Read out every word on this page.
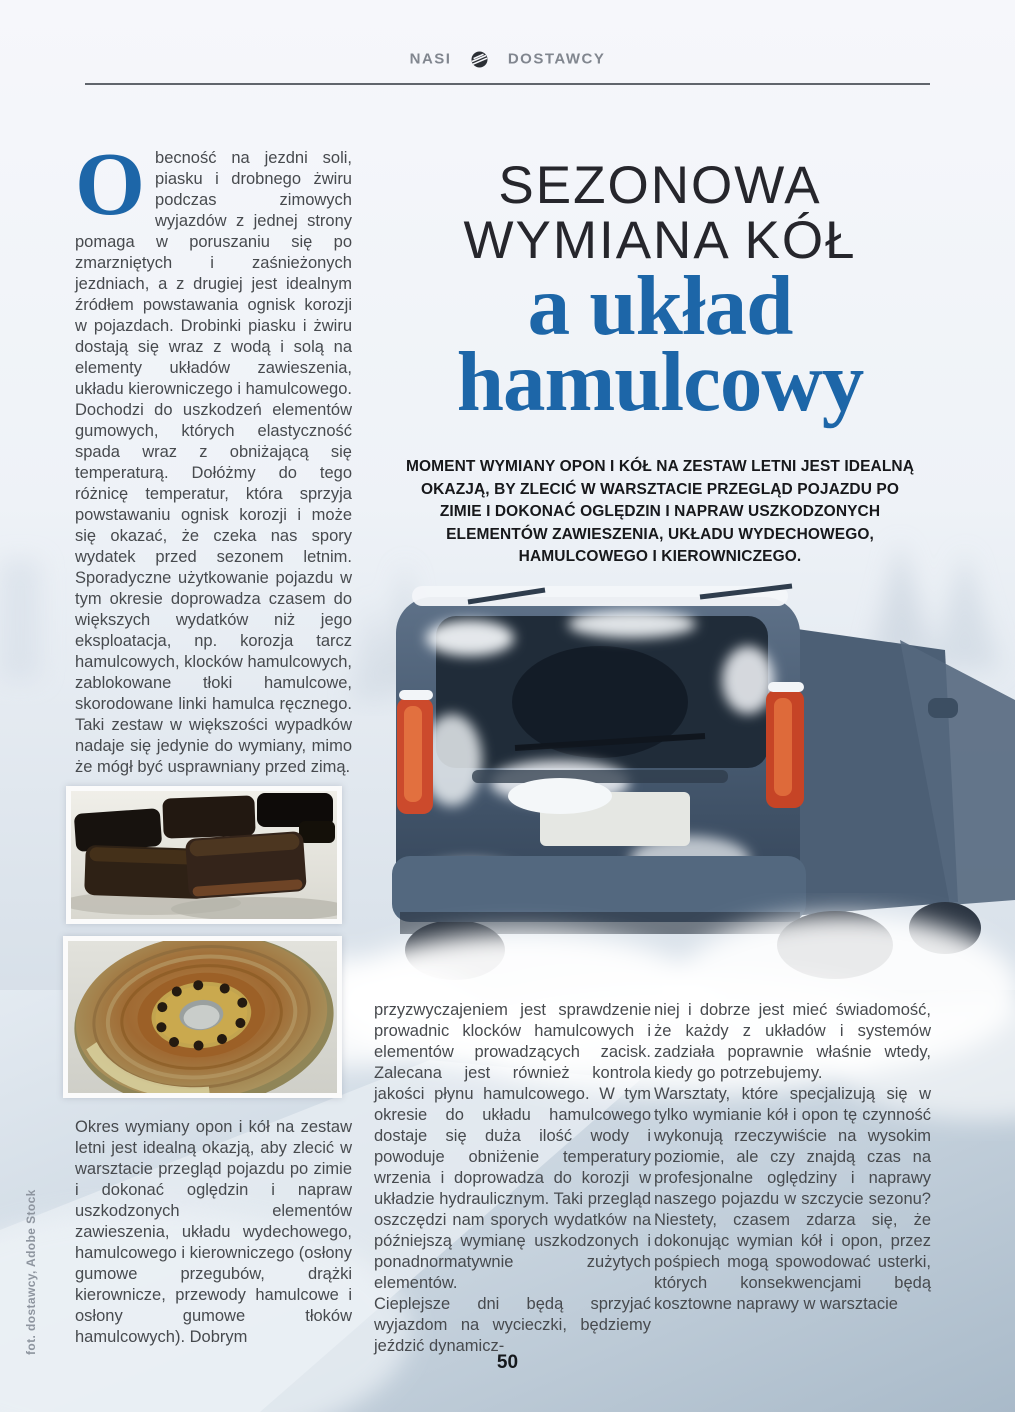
NASI	DOSTAWCY
SEZONOWA
WYMIANA KÓŁ
a układ
hamulcowy
MOMENT WYMIANY OPON I KÓŁ NA ZESTAW LETNI JEST IDEALNĄ OKAZJĄ, BY ZLECIĆ W WARSZTACIE PRZEGLĄD POJAZDU PO ZIMIE I DOKONAĆ OGLĘDZIN I NAPRAW USZKODZONYCH ELEMENTÓW ZAWIESZENIA, UKŁADU WYDECHOWEGO, HAMULCOWEGO I KIEROWNICZEGO.
Obecność na jezdni soli, piasku i drobnego żwiru podczas zimowych wyjazdów z jednej strony pomaga w poruszaniu się po zmarzniętych i zaśnieżonych jezdniach, a z drugiej jest idealnym źródłem powstawania ognisk korozji w pojazdach. Drobinki piasku i żwiru dostają się wraz z wodą i solą na elementy układów zawieszenia, układu kierowniczego i hamulcowego. Dochodzi do uszkodzeń elementów gumowych, których elastyczność spada wraz z obniżającą się temperaturą. Dołóżmy do tego różnicę temperatur, która sprzyja powstawaniu ognisk korozji i może się okazać, że czeka nas spory wydatek przed sezonem letnim. Sporadyczne użytkowanie pojazdu w tym okresie doprowadza czasem do większych wydatków niż jego eksploatacja, np. korozja tarcz hamulcowych, klocków hamulcowych, zablokowane tłoki hamulcowe, skorodowane linki hamulca ręcznego. Taki zestaw w większości wypadków nadaje się jedynie do wymiany, mimo że mógł być usprawniany przed zimą.

Okres wymiany opon i kół na zestaw letni jest idealną okazją, aby zlecić w warsztacie przegląd pojazdu po zimie i dokonać oględzin i napraw uszkodzonych elementów zawieszenia, układu wydechowego, hamulcowego i kierowniczego (osłony gumowe przegubów, drążki kierownicze, przewody hamulcowe i osłony gumowe tłoków hamulcowych). Dobrym

przyzwyczajeniem jest sprawdzenie prowadnic klocków hamulcowych i elementów prowadzących zacisk. Zalecana jest również kontrola jakości płynu hamulcowego. W tym okresie do układu hamulcowego dostaje się duża ilość wody i powoduje obniżenie temperatury wrzenia i doprowadza do korozji w układzie hydraulicznym. Taki przegląd oszczędzi nam sporych wydatków na późniejszą wymianę uszkodzonych i ponadnormatywnie zużytych elementów.

Cieplejsze dni będą sprzyjać wyjazdom na wycieczki, będziemy jeździć dynamicz-

niej i dobrze jest mieć świadomość, że każdy z układów i systemów zadziała poprawnie właśnie wtedy, kiedy go potrzebujemy.

Warsztaty, które specjalizują się w tylko wymianie kół i opon tę czynność wykonują rzeczywiście na wysokim poziomie, ale czy znajdą czas na profesjonalne oględziny i naprawy naszego pojazdu w szczycie sezonu? Niestety, czasem zdarza się, że dokonując wymian kół i opon, przez pośpiech mogą spowodować usterki, których konsekwencjami będą kosztowne naprawy w warsztacie

fot. dostawcy, Adobe Stock
50
